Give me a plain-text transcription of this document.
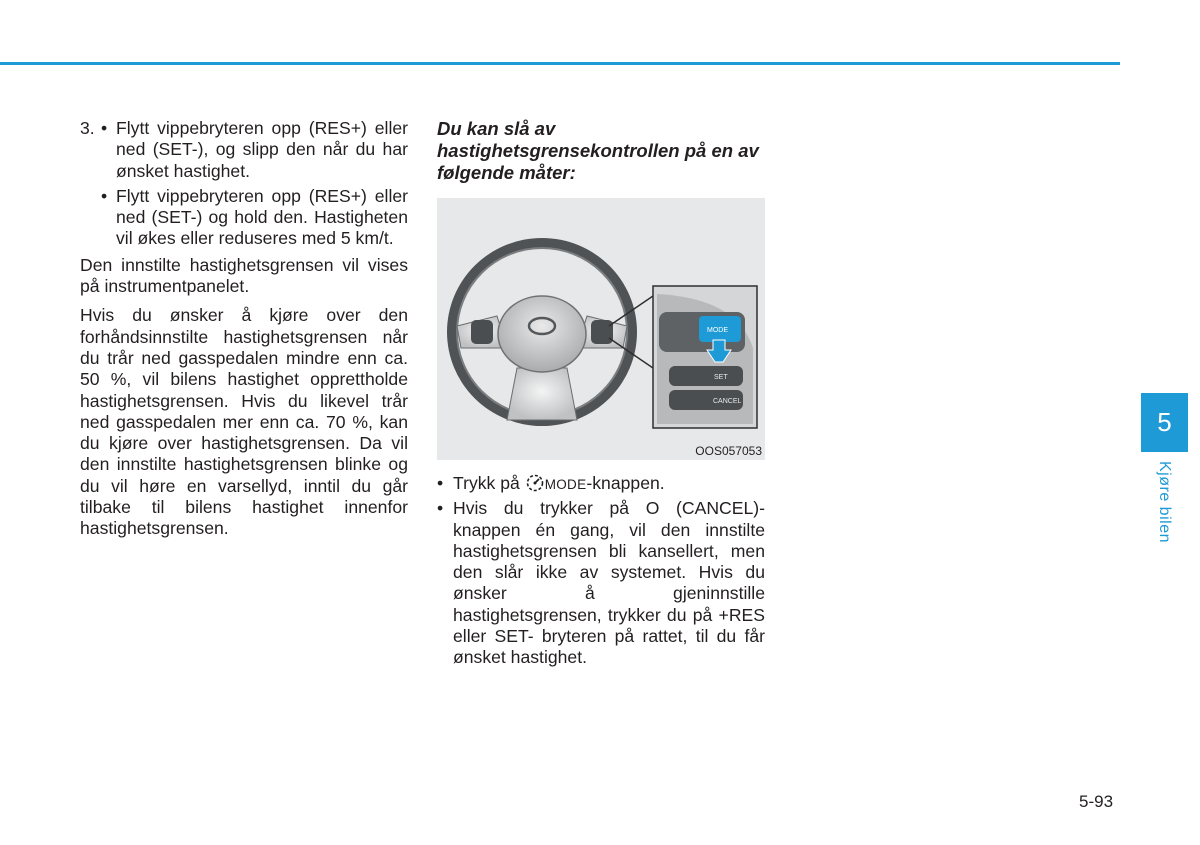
3. • Flytt vippebryteren opp (RES+) eller ned (SET-), og slipp den når du har ønsket hastighet.
• Flytt vippebryteren opp (RES+) eller ned (SET-) og hold den. Hastigheten vil økes eller reduseres med 5 km/t.

Den innstilte hastighetsgrensen vil vises på instrumentpanelet.

Hvis du ønsker å kjøre over den forhåndsinnstilte hastighetsgrensen når du trår ned gasspedalen mindre enn ca. 50 %, vil bilens hastighet opprettholde hastighetsgrensen. Hvis du likevel trår ned gasspedalen mer enn ca. 70 %, kan du kjøre over hastighetsgrensen. Da vil den innstilte hastighetsgrensen blinke og du vil høre en varsellyd, inntil du går tilbake til bilens hastighet innenfor hastighetsgrensen.

Du kan slå av hastighetsgrensekontrollen på en av følgende måter:

MODE
SET
CANCEL
OOS057053
• Trykk på MODE-knappen.
• Hvis du trykker på O (CANCEL)-knappen én gang, vil den innstilte hastighetsgrensen bli kansellert, men den slår ikke av systemet. Hvis du ønsker å gjeninnstille hastighetsgrensen, trykker du på +RES eller SET- bryteren på rattet, til du får ønsket hastighet.
5
Kjøre bilen
5-93
